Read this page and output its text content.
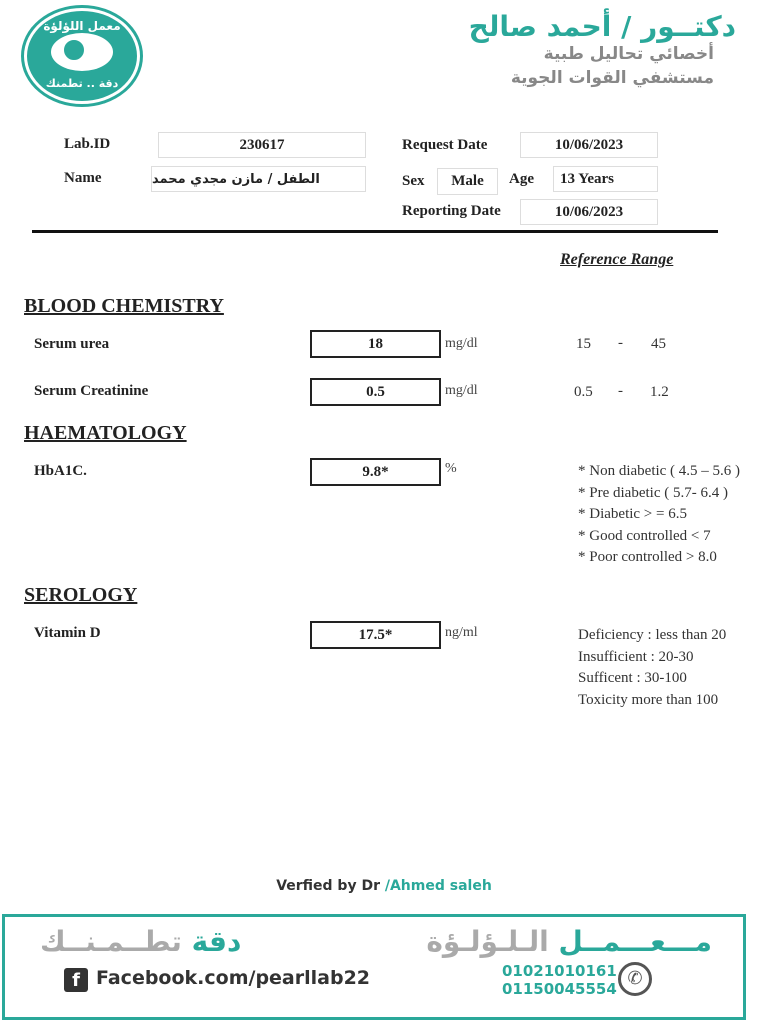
معمل اللؤلؤة
دقة .. تطمنك
دكتــور / أحمد صالح
أخصائي تحاليل طبية
مستشفي القوات الجوية
Lab.ID	230617
Name	الطفل / مازن مجدي محمد
Request Date	10/06/2023
Sex	Male	Age	13 Years
Reporting Date	10/06/2023
Reference Range
BLOOD CHEMISTRY
Serum urea	18	mg/dl	15 - 45
Serum Creatinine	0.5	mg/dl	0.5 - 1.2
HAEMATOLOGY
HbA1C.	9.8*	%	* Non diabetic ( 4.5 – 5.6 )
* Pre diabetic ( 5.7- 6.4 )
* Diabetic > = 6.5
* Good controlled < 7
* Poor controlled > 8.0
SEROLOGY
Vitamin D	17.5*	ng/ml	Deficiency : less than 20
Insufficient : 20-30
Sufficent : 30-100
Toxicity more than 100
Verfied by Dr /Ahmed saleh
دقة تطــمـنــك	مـــعـــمــل الـلـؤلـؤة
f Facebook.com/pearllab22	01021010161
01150045554 ✆
